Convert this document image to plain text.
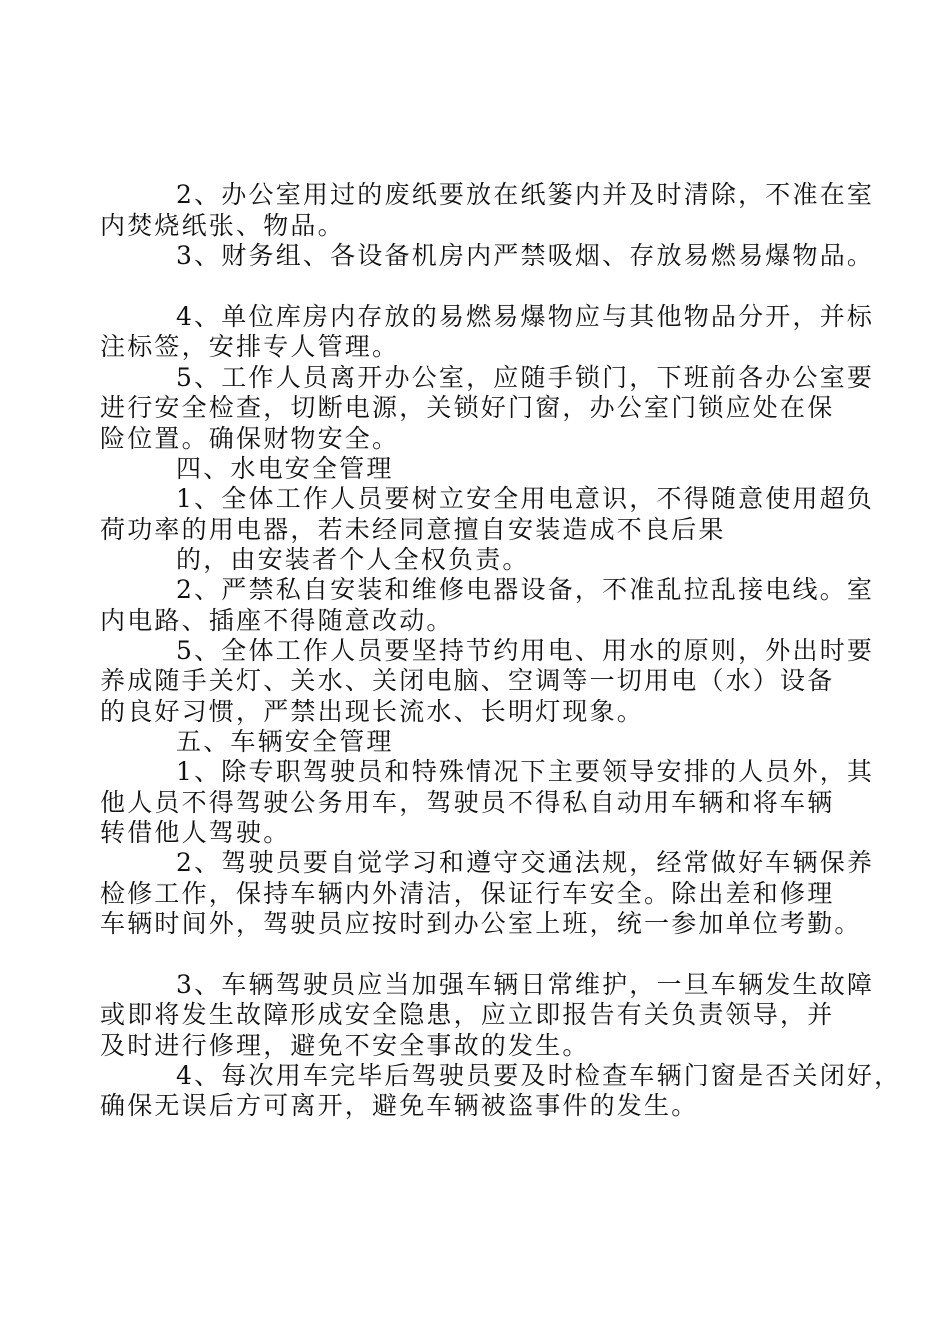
2、办公室用过的废纸要放在纸篓内并及时清除，不准在室
内焚烧纸张、物品。
3、财务组、各设备机房内严禁吸烟、存放易燃易爆物品。
4、单位库房内存放的易燃易爆物应与其他物品分开，并标
注标签，安排专人管理。
5、工作人员离开办公室，应随手锁门，下班前各办公室要
进行安全检查，切断电源，关锁好门窗，办公室门锁应处在保
险位置。确保财物安全。
四、水电安全管理
1、全体工作人员要树立安全用电意识，不得随意使用超负
荷功率的用电器，若未经同意擅自安装造成不良后果
的，由安装者个人全权负责。
2、严禁私自安装和维修电器设备，不准乱拉乱接电线。室
内电路、插座不得随意改动。
5、全体工作人员要坚持节约用电、用水的原则，外出时要
养成随手关灯、关水、关闭电脑、空调等一切用电（水）设备
的良好习惯，严禁出现长流水、长明灯现象。
五、车辆安全管理
1、除专职驾驶员和特殊情况下主要领导安排的人员外，其
他人员不得驾驶公务用车，驾驶员不得私自动用车辆和将车辆
转借他人驾驶。
2、驾驶员要自觉学习和遵守交通法规，经常做好车辆保养
检修工作，保持车辆内外清洁，保证行车安全。除出差和修理
车辆时间外，驾驶员应按时到办公室上班，统一参加单位考勤。
3、车辆驾驶员应当加强车辆日常维护，一旦车辆发生故障
或即将发生故障形成安全隐患，应立即报告有关负责领导，并
及时进行修理，避免不安全事故的发生。
4、每次用车完毕后驾驶员要及时检查车辆门窗是否关闭好，
确保无误后方可离开，避免车辆被盗事件的发生。
